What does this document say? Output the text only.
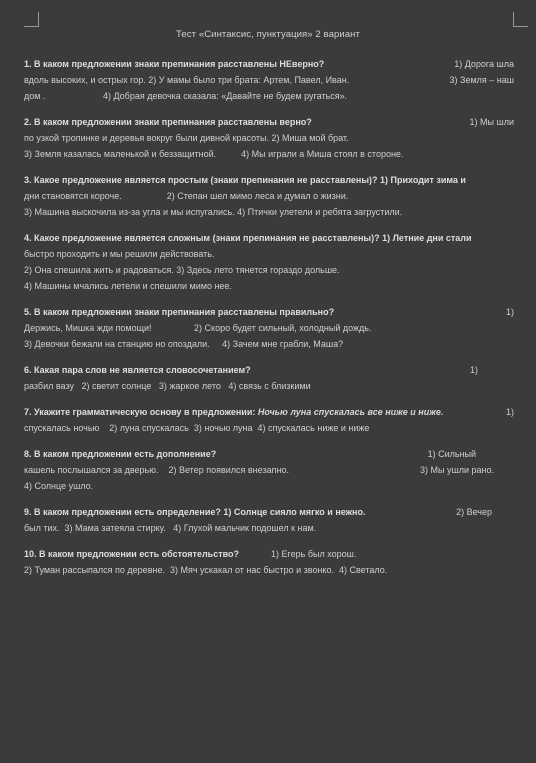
Тест «Синтаксис, пунктуация» 2 вариант
1. В каком предложении знаки препинания расставлены НЕверно?	1) Дорога шла
вдоль высоких, и острых гор. 2) У мамы было три брата: Артем, Павел, Иван.	3) Земля – наш
дом .                       4) Добрая девочка сказала: «Давайте не будем ругаться».
2. В каком предложении знаки препинания расставлены верно?	1) Мы шли
по узкой тропинке и деревья вокруг были дивной красоты. 2) Миша мой брат.
3) Земля казалась маленькой и беззащитной.          4) Мы играли а Миша стоял в стороне.
3. Какое предложение является простым (знаки препинания не расставлены)? 1) Приходит зима и
дни становятся короче.                  2) Степан шел мимо леса и думал о жизни.
3) Машина выскочила из-за угла и мы испугались. 4) Птички улетели и ребята загрустили.
4. Какое предложение является сложным (знаки препинания не расставлены)? 1) Летние дни стали
быстро проходить и мы решили действовать.
2) Она спешила жить и радоваться. 3) Здесь лето тянется гораздо дольше.
4) Машины мчались летели и спешили мимо нее.
5. В каком предложении знаки препинания расставлены правильно?	1)
Держись, Мишка жди помощи!                 2) Скоро будет сильный, холодный дождь.
3) Девочки бежали на станцию но опоздали.     4) Зачем мне грабли, Маша?
6. Какая пара слов не является словосочетанием?	1)
разбил вазу   2) светит солнце   3) жаркое лето   4) связь с близкими
7. Укажите грамматическую основу в предложении: Ночью луна спускалась все ниже и ниже.	1)
спускалась ночью    2) луна спускалась  3) ночью луна  4) спускалась ниже и ниже
8. В каком предложении есть дополнение?	1) Сильный
кашель послышался за дверью.    2) Ветер появился внезапно.	3) Мы ушли рано.
4) Солнце ушло.
9. В каком предложении есть определение? 1) Солнце сияло мягко и нежно.	2) Вечер
был тих.  3) Мама затеяла стирку.   4) Глухой мальчик подошел к нам.
10. В каком предложении есть обстоятельство?	1) Егерь был хорош.
2) Туман рассыпался по деревне.  3) Мяч ускакал от нас быстро и звонко.  4) Светало.
